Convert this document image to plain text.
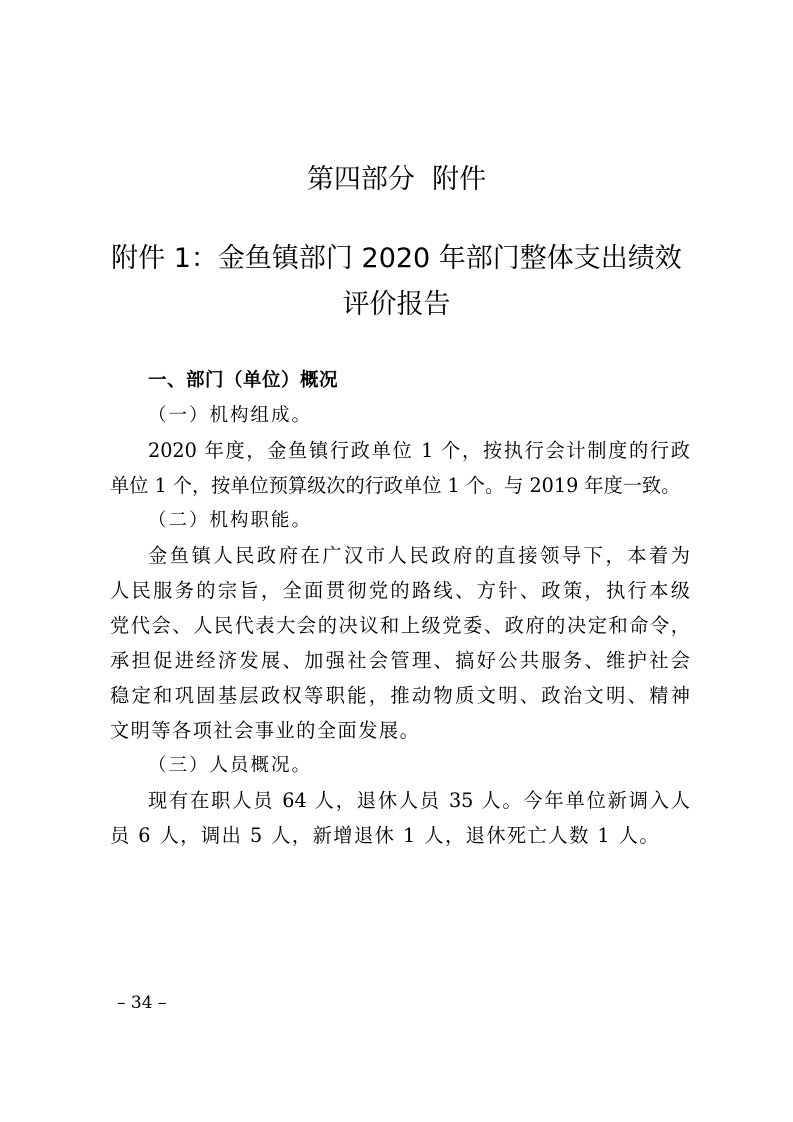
第四部分  附件
附件 1：金鱼镇部门 2020 年部门整体支出绩效
评价报告
一、部门（单位）概况
（一）机构组成。
2020 年度，金鱼镇行政单位 1 个，按执行会计制度的行政
单位 1 个，按单位预算级次的行政单位 1 个。与 2019 年度一致。
（二）机构职能。
金鱼镇人民政府在广汉市人民政府的直接领导下，本着为
人民服务的宗旨，全面贯彻党的路线、方针、政策，执行本级
党代会、人民代表大会的决议和上级党委、政府的决定和命令，
承担促进经济发展、加强社会管理、搞好公共服务、维护社会
稳定和巩固基层政权等职能，推动物质文明、政治文明、精神
文明等各项社会事业的全面发展。
（三）人员概况。
现有在职人员 64 人，退休人员 35 人。今年单位新调入人
员 6 人，调出 5 人，新增退休 1 人，退休死亡人数 1 人。
– 34 –
